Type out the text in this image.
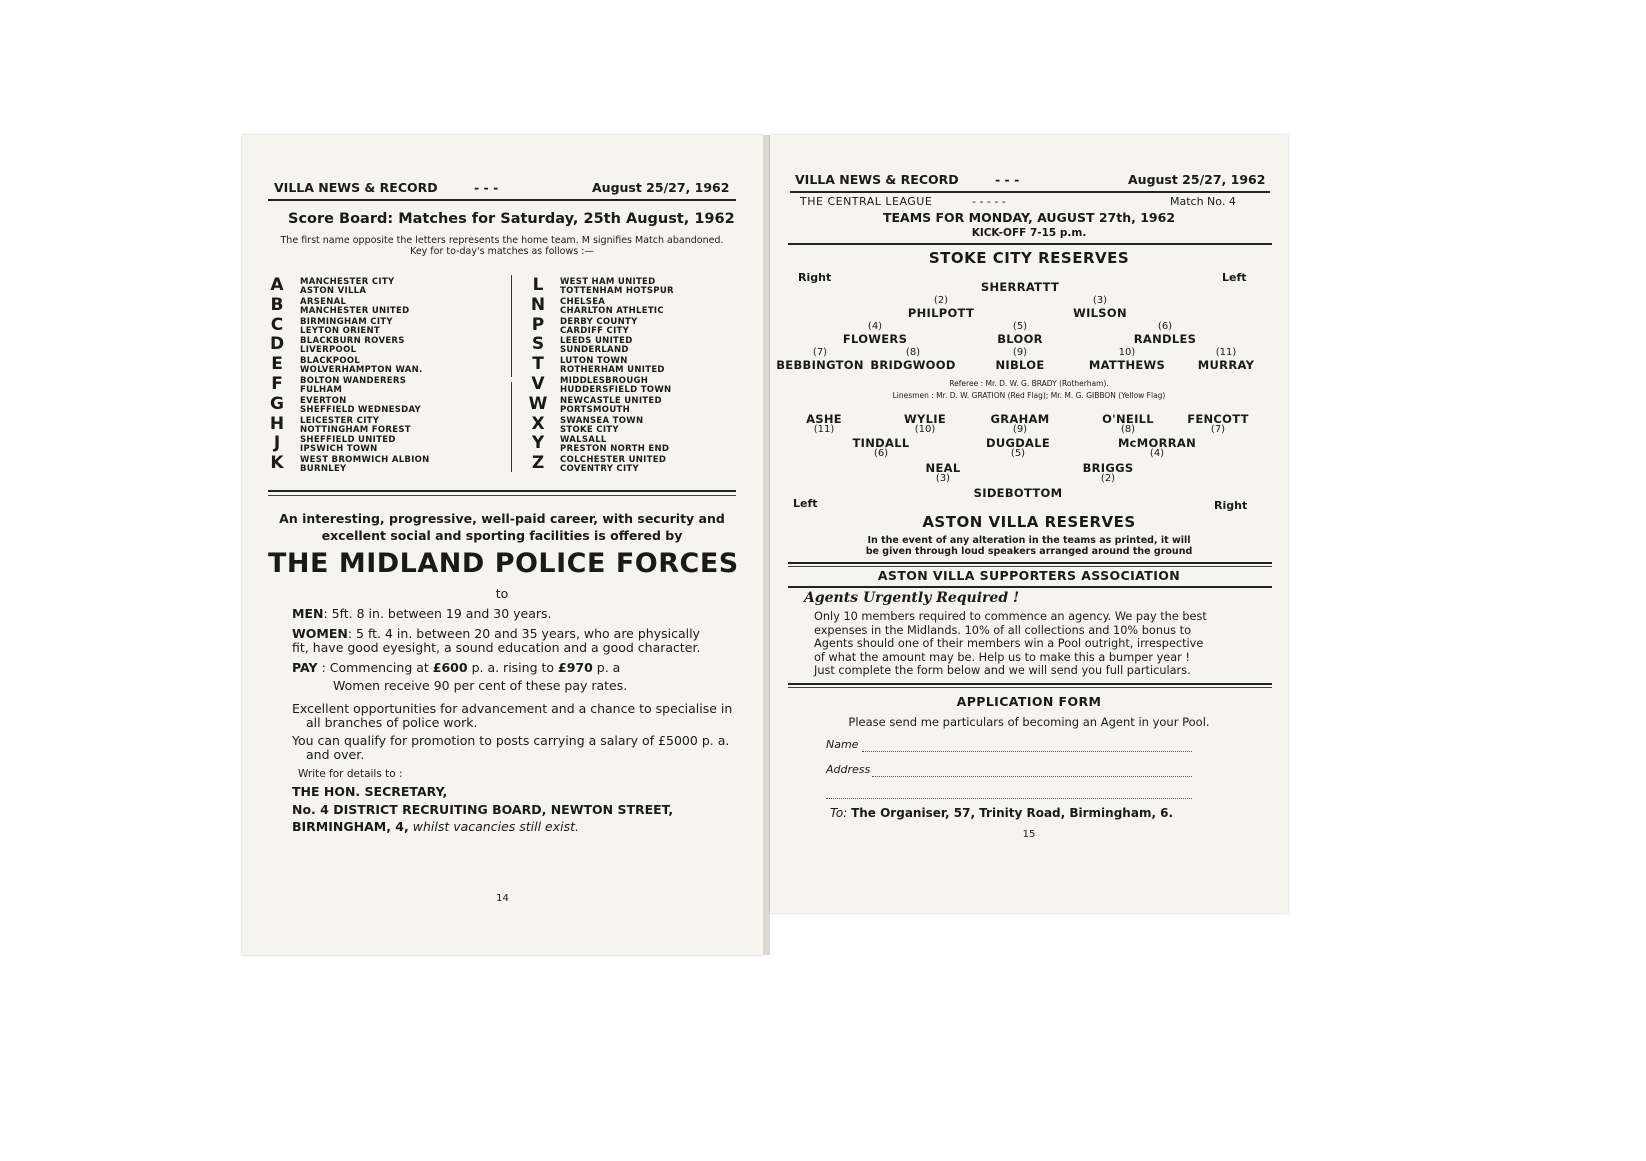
VILLA NEWS & RECORD	- - -	August 25/27, 1962
Score Board: Matches for Saturday, 25th August, 1962
The first name opposite the letters represents the home team. M signifies Match abandoned.
Key for to-day's matches as follows :—
A	MANCHESTER CITY
ASTON VILLA
B	ARSENAL
MANCHESTER UNITED
C	BIRMINGHAM CITY
LEYTON ORIENT
D	BLACKBURN ROVERS
LIVERPOOL
E	BLACKPOOL
WOLVERHAMPTON WAN.
F	BOLTON WANDERERS
FULHAM
G	EVERTON
SHEFFIELD WEDNESDAY
H	LEICESTER CITY
NOTTINGHAM FOREST
J	SHEFFIELD UNITED
IPSWICH TOWN
K	WEST BROMWICH ALBION
BURNLEY
L	WEST HAM UNITED
TOTTENHAM HOTSPUR
N	CHELSEA
CHARLTON ATHLETIC
P	DERBY COUNTY
CARDIFF CITY
S	LEEDS UNITED
SUNDERLAND
T	LUTON TOWN
ROTHERHAM UNITED
V	MIDDLESBROUGH
HUDDERSFIELD TOWN
W NEWCASTLE UNITED
PORTSMOUTH
X	SWANSEA TOWN
STOKE CITY
Y	WALSALL
PRESTON NORTH END
Z	COLCHESTER UNITED
COVENTRY CITY
An interesting, progressive, well-paid career, with security and
excellent social and sporting facilities is offered by
THE MIDLAND POLICE FORCES
to
MEN: 5ft. 8 in. between 19 and 30 years.
WOMEN: 5 ft. 4 in. between 20 and 35 years, who are physically
fit, have good eyesight, a sound education and a good character.
PAY : Commencing at £600 p. a. rising to £970 p. a
Women receive 90 per cent of these pay rates.
Excellent opportunities for advancement and a chance to specialise in
all branches of police work.
You can qualify for promotion to posts carrying a salary of £5000 p. a.
and over.
Write for details to :
THE HON. SECRETARY,
No. 4 DISTRICT RECRUITING BOARD, NEWTON STREET,
BIRMINGHAM, 4, whilst vacancies still exist.
14
VILLA NEWS & RECORD	- - -	August 25/27, 1962
THE CENTRAL LEAGUE	- - - - -	Match No. 4
TEAMS FOR MONDAY, AUGUST 27th, 1962
KICK-OFF 7-15 p.m.
STOKE CITY RESERVES
Right	Left
SHERRATTT
(2)
PHILPOTT
(3)
WILSON
(4)
FLOWERS
(5)
BLOOR
(6)
RANDLES
(7)
BEBBINGTON
(8)
BRIDGWOOD
(9)
NIBLOE
10)
MATTHEWS
(11)
MURRAY
Referee : Mr. D. W. G. BRADY (Rotherham).
Linesmen : Mr. D. W. GRATION (Red Flag); Mr. M. G. GIBBON (Yellow Flag)
ASHE
(11)
WYLIE
(10)
GRAHAM
(9)
O'NEILL
(8)
FENCOTT
(7)
TINDALL
(6)
DUGDALE
(5)
McMORRAN
(4)
NEAL
(3)
BRIGGS
(2)
SIDEBOTTOM
Left	Right
ASTON VILLA RESERVES
In the event of any alteration in the teams as printed, it will
be given through loud speakers arranged around the ground
ASTON VILLA SUPPORTERS ASSOCIATION
Agents Urgently Required !
Only 10 members required to commence an agency. We pay the best
expenses in the Midlands. 10% of all collections and 10% bonus to
Agents should one of their members win a Pool outright, irrespective
of what the amount may be. Help us to make this a bumper year !
Just complete the form below and we will send you full particulars.
APPLICATION FORM
Please send me particulars of becoming an Agent in your Pool.
Name
Address
To: The Organiser, 57, Trinity Road, Birmingham, 6.
15
